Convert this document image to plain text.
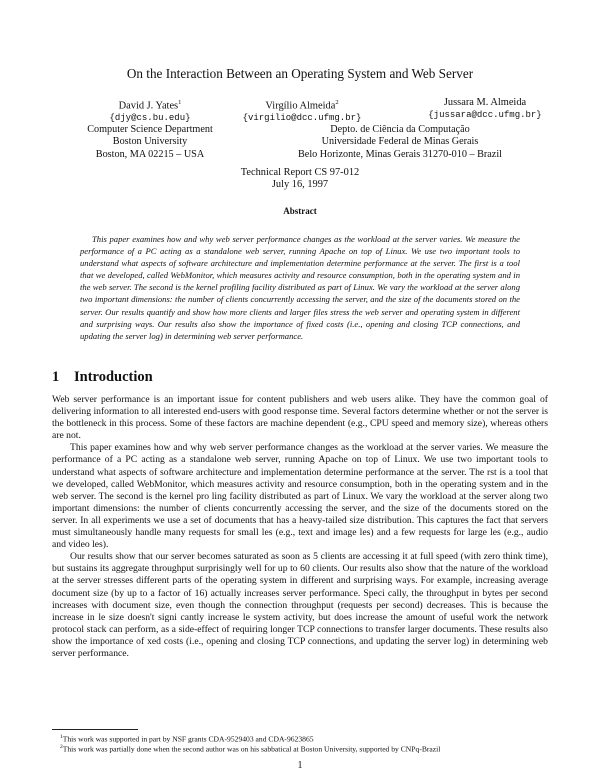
On the Interaction Between an Operating System and Web Server
David J. Yates$^1$
{djy@cs.bu.edu}
Virgílio Almeida$^2$
{virgilio@dcc.ufmg.br}
Jussara M. Almeida
{jussara@dcc.ufmg.br}
Computer Science Department
Boston University
Boston, MA 02215 – USA
Depto. de Ciência da Computação
Universidade Federal de Minas Gerais
Belo Horizonte, Minas Gerais 31270-010 – Brazil
Technical Report CS 97-012
July 16, 1997
Abstract

This paper examines how and why web server performance changes as the workload at the server varies. We measure the performance of a PC acting as a standalone web server, running Apache on top of Linux. We use two important tools to understand what aspects of software architecture and implementation determine performance at the server. The first is a tool that we developed, called WebMonitor, which measures activity and resource consumption, both in the operating system and in the web server. The second is the kernel profiling facility distributed as part of Linux. We vary the workload at the server along two important dimensions: the number of clients concurrently accessing the server, and the size of the documents stored on the server. Our results quantify and show how more clients and larger files stress the web server and operating system in different and surprising ways. Our results also show the importance of fixed costs (i.e., opening and closing TCP connections, and updating the server log) in determining web server performance.

1 Introduction

Web server performance is an important issue for content publishers and web users alike. They have the common goal of delivering information to all interested end-users with good response time. Several factors determine whether or not the server is the bottleneck in this process. Some of these factors are machine dependent (e.g., CPU speed and memory size), whereas others are not.

This paper examines how and why web server performance changes as the workload at the server varies. We measure the performance of a PC acting as a standalone web server, running Apache on top of Linux. We use two important tools to understand what aspects of software architecture and implementation determine performance at the server. The rst is a tool that we developed, called WebMonitor, which measures activity and resource consumption, both in the operating system and in the web server. The second is the kernel pro ling facility distributed as part of Linux. We vary the workload at the server along two important dimensions: the number of clients concurrently accessing the server, and the size of the documents stored on the server. In all experiments we use a set of documents that has a heavy-tailed size distribution. This captures the fact that servers must simultaneously handle many requests for small les (e.g., text and image les) and a few requests for large les (e.g., audio and video les).

Our results show that our server becomes saturated as soon as 5 clients are accessing it at full speed (with zero think time), but sustains its aggregate throughput surprisingly well for up to 60 clients. Our results also show that the nature of the workload at the server stresses different parts of the operating system in different and surprising ways. For example, increasing average document size (by up to a factor of 16) actually increases server performance. Speci cally, the throughput in bytes per second increases with document size, even though the connection throughput (requests per second) decreases. This is because the increase in le size doesn't signi cantly increase le system activity, but does increase the amount of useful work the network protocol stack can perform, as a side-effect of requiring longer TCP connections to transfer larger documents. These results also show the importance of xed costs (i.e., opening and closing TCP connections, and updating the server log) in determining web server performance.

$^1$This work was supported in part by NSF grants CDA-9529403 and CDA-9623865
$^2$This work was partially done when the second author was on his sabbatical at Boston University, supported by CNPq-Brazil
1
